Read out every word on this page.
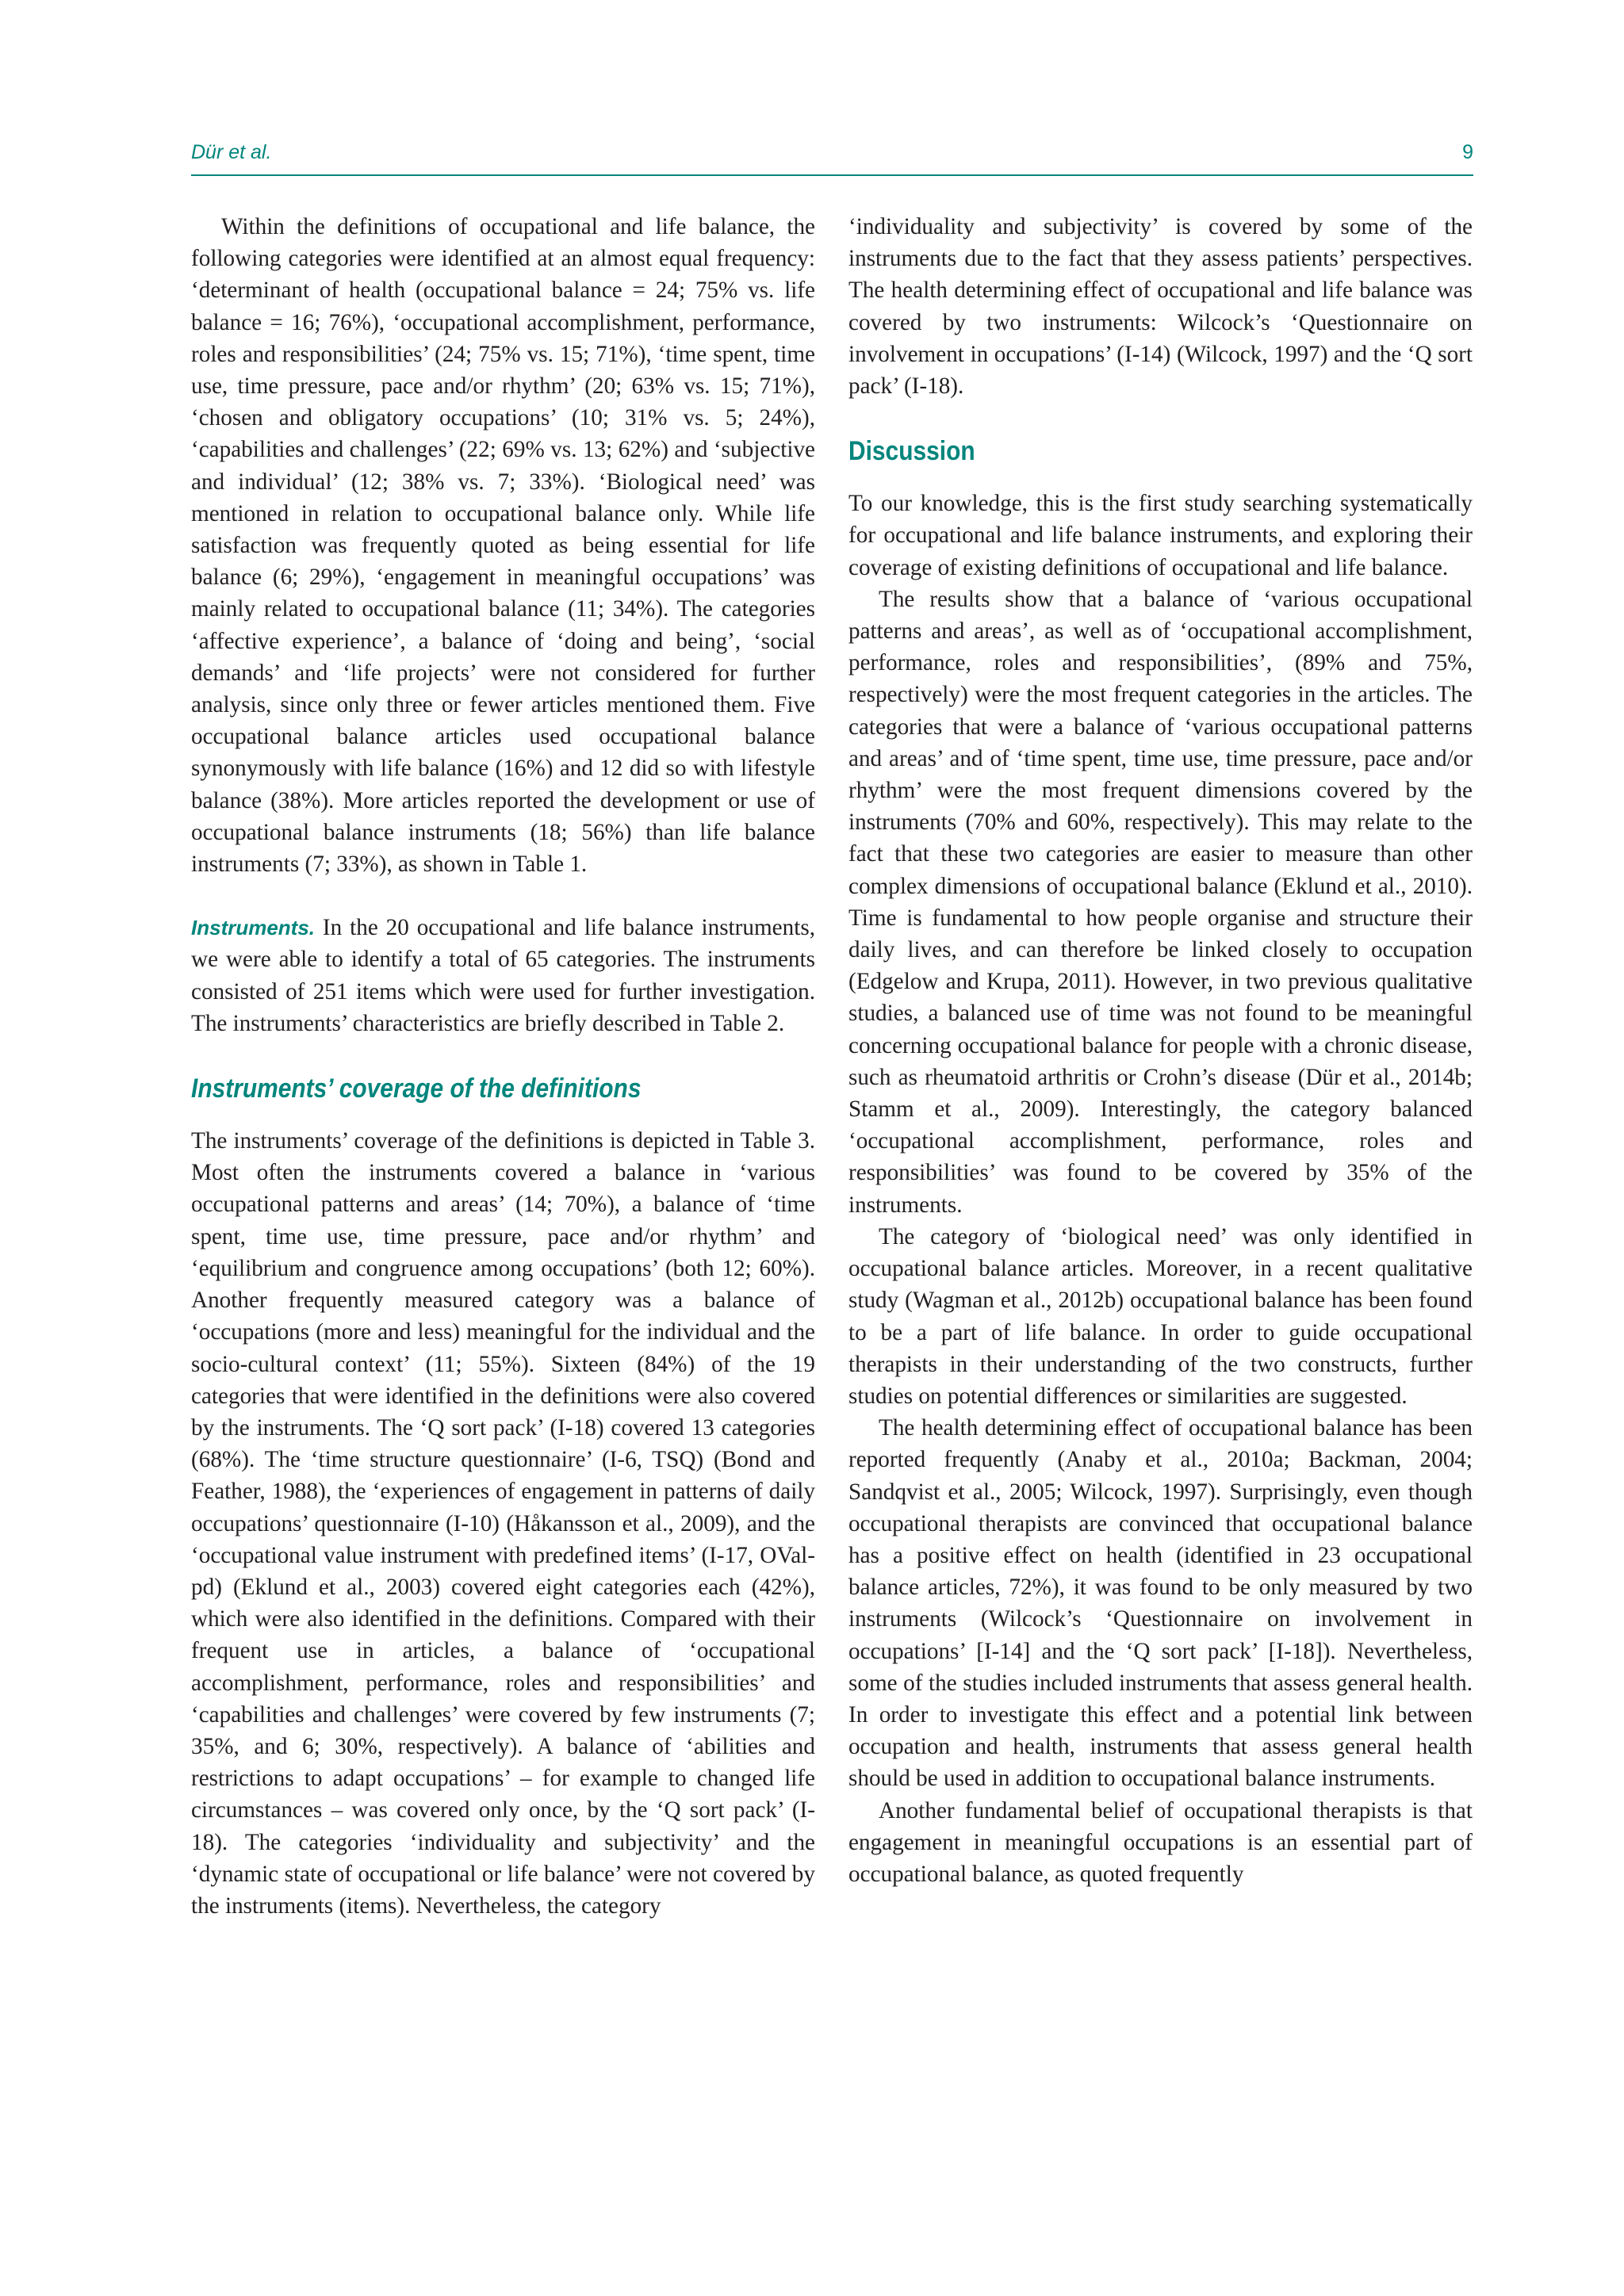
Dür et al.	9

Within the definitions of occupational and life balance, the following categories were identified at an almost equal frequency: ‘determinant of health (occupational balance = 24; 75% vs. life balance = 16; 76%), ‘occupational accomplishment, performance, roles and responsibilities’ (24; 75% vs. 15; 71%), ‘time spent, time use, time pressure, pace and/or rhythm’ (20; 63% vs. 15; 71%), ‘chosen and obligatory occupations’ (10; 31% vs. 5; 24%), ‘capabilities and challenges’ (22; 69% vs. 13; 62%) and ‘subjective and individual’ (12; 38% vs. 7; 33%). ‘Biological need’ was mentioned in relation to occupational balance only. While life satisfaction was frequently quoted as being essential for life balance (6; 29%), ‘engagement in meaningful occupations’ was mainly related to occupational balance (11; 34%). The categories ‘affective experience’, a balance of ‘doing and being’, ‘social demands’ and ‘life projects’ were not considered for further analysis, since only three or fewer articles mentioned them. Five occupational balance articles used occupational balance synonymously with life balance (16%) and 12 did so with lifestyle balance (38%). More articles reported the development or use of occupational balance instruments (18; 56%) than life balance instruments (7; 33%), as shown in Table 1.

Instruments. In the 20 occupational and life balance instruments, we were able to identify a total of 65 categories. The instruments consisted of 251 items which were used for further investigation. The instruments’ characteristics are briefly described in Table 2.

Instruments’ coverage of the definitions

The instruments’ coverage of the definitions is depicted in Table 3. Most often the instruments covered a balance in ‘various occupational patterns and areas’ (14; 70%), a balance of ‘time spent, time use, time pressure, pace and/or rhythm’ and ‘equilibrium and congruence among occupations’ (both 12; 60%). Another frequently measured category was a balance of ‘occupations (more and less) meaningful for the individual and the socio-cultural context’ (11; 55%). Sixteen (84%) of the 19 categories that were identified in the definitions were also covered by the instruments. The ‘Q sort pack’ (I-18) covered 13 categories (68%). The ‘time structure questionnaire’ (I-6, TSQ) (Bond and Feather, 1988), the ‘experiences of engagement in patterns of daily occupations’ questionnaire (I-10) (Håkansson et al., 2009), and the ‘occupational value instrument with predefined items’ (I-17, OVal-pd) (Eklund et al., 2003) covered eight categories each (42%), which were also identified in the definitions. Compared with their frequent use in articles, a balance of ‘occupational accomplishment, performance, roles and responsibilities’ and ‘capabilities and challenges’ were covered by few instruments (7; 35%, and 6; 30%, respectively). A balance of ‘abilities and restrictions to adapt occupations’ – for example to changed life circumstances – was covered only once, by the ‘Q sort pack’ (I-18). The categories ‘individuality and subjectivity’ and the ‘dynamic state of occupational or life balance’ were not covered by the instruments (items). Nevertheless, the category

‘individuality and subjectivity’ is covered by some of the instruments due to the fact that they assess patients’ perspectives. The health determining effect of occupational and life balance was covered by two instruments: Wilcock’s ‘Questionnaire on involvement in occupations’ (I-14) (Wilcock, 1997) and the ‘Q sort pack’ (I-18).

Discussion

To our knowledge, this is the first study searching systematically for occupational and life balance instruments, and exploring their coverage of existing definitions of occupational and life balance.

The results show that a balance of ‘various occupational patterns and areas’, as well as of ‘occupational accomplishment, performance, roles and responsibilities’, (89% and 75%, respectively) were the most frequent categories in the articles. The categories that were a balance of ‘various occupational patterns and areas’ and of ‘time spent, time use, time pressure, pace and/or rhythm’ were the most frequent dimensions covered by the instruments (70% and 60%, respectively). This may relate to the fact that these two categories are easier to measure than other complex dimensions of occupational balance (Eklund et al., 2010). Time is fundamental to how people organise and structure their daily lives, and can therefore be linked closely to occupation (Edgelow and Krupa, 2011). However, in two previous qualitative studies, a balanced use of time was not found to be meaningful concerning occupational balance for people with a chronic disease, such as rheumatoid arthritis or Crohn’s disease (Dür et al., 2014b; Stamm et al., 2009). Interestingly, the category balanced ‘occupational accomplishment, performance, roles and responsibilities’ was found to be covered by 35% of the instruments.

The category of ‘biological need’ was only identified in occupational balance articles. Moreover, in a recent qualitative study (Wagman et al., 2012b) occupational balance has been found to be a part of life balance. In order to guide occupational therapists in their understanding of the two constructs, further studies on potential differences or similarities are suggested.

The health determining effect of occupational balance has been reported frequently (Anaby et al., 2010a; Backman, 2004; Sandqvist et al., 2005; Wilcock, 1997). Surprisingly, even though occupational therapists are convinced that occupational balance has a positive effect on health (identified in 23 occupational balance articles, 72%), it was found to be only measured by two instruments (Wilcock’s ‘Questionnaire on involvement in occupations’ [I-14] and the ‘Q sort pack’ [I-18]). Nevertheless, some of the studies included instruments that assess general health. In order to investigate this effect and a potential link between occupation and health, instruments that assess general health should be used in addition to occupational balance instruments.

Another fundamental belief of occupational therapists is that engagement in meaningful occupations is an essential part of occupational balance, as quoted frequently
